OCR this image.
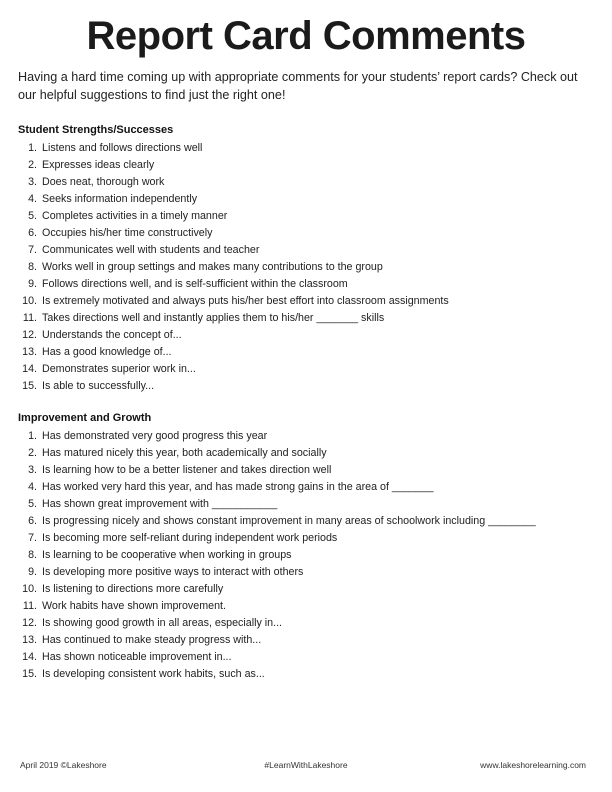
Report Card Comments

Having a hard time coming up with appropriate comments for your students’ report cards? Check out our helpful suggestions to find just the right one!

Student Strengths/Successes
1. Listens and follows directions well
2. Expresses ideas clearly
3. Does neat, thorough work
4. Seeks information independently
5. Completes activities in a timely manner
6. Occupies his/her time constructively
7. Communicates well with students and teacher
8. Works well in group settings and makes many contributions to the group
9. Follows directions well, and is self-sufficient within the classroom
10. Is extremely motivated and always puts his/her best effort into classroom assignments
11. Takes directions well and instantly applies them to his/her _______ skills
12. Understands the concept of...
13. Has a good knowledge of...
14. Demonstrates superior work in...
15. Is able to successfully...
Improvement and Growth
1. Has demonstrated very good progress this year
2. Has matured nicely this year, both academically and socially
3. Is learning how to be a better listener and takes direction well
4. Has worked very hard this year, and has made strong gains in the area of _______
5. Has shown great improvement with ___________
6. Is progressing nicely and shows constant improvement in many areas of schoolwork including ________
7. Is becoming more self-reliant during independent work periods
8. Is learning to be cooperative when working in groups
9. Is developing more positive ways to interact with others
10. Is listening to directions more carefully
11. Work habits have shown improvement.
12. Is showing good growth in all areas, especially in...
13. Has continued to make steady progress with...
14. Has shown noticeable improvement in...
15. Is developing consistent work habits, such as...
April 2019 ©Lakeshore	#LearnWithLakeshore	www.lakeshorelearning.com
